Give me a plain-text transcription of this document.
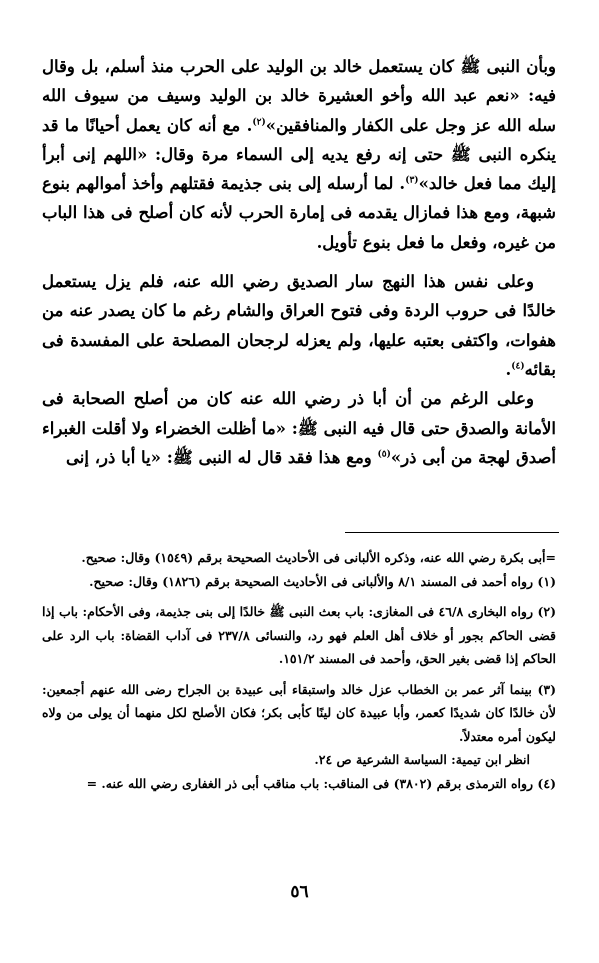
وبأن النبى ﷺ كان يستعمل خالد بن الوليد على الحرب منذ أسلم، بل وقال فيه: «نعم عبد الله وأخو العشيرة خالد بن الوليد وسيف من سيوف الله سله الله عز وجل على الكفار والمنافقين»$^{(٢)}$. مع أنه كان يعمل أحيانًا ما قد ينكره النبى ﷺ حتى إنه رفع يديه إلى السماء مرة وقال: «اللهم إنى أبرأ إليك مما فعل خالد»$^{(٣)}$. لما أرسله إلى بنى جذيمة فقتلهم وأخذ أموالهم بنوع شبهة، ومع هذا فمازال يقدمه فى إمارة الحرب لأنه كان أصلح فى هذا الباب من غيره، وفعل ما فعل بنوع تأويل.

وعلى نفس هذا النهج سار الصديق رضي الله عنه، فلم يزل يستعمل خالدًا فى حروب الردة وفى فتوح العراق والشام رغم ما كان يصدر عنه من هفوات، واكتفى بعتبه عليها، ولم يعزله لرجحان المصلحة على المفسدة فى بقائه$^{(٤)}$.

وعلى الرغم من أن أبا ذر رضي الله عنه كان من أصلح الصحابة فى الأمانة والصدق حتى قال فيه النبى ﷺ: «ما أظلت الخضراء ولا أقلت الغبراء أصدق لهجة من أبى ذر»$^{(٥)}$ ومع هذا فقد قال له النبى ﷺ: «يا أبا ذر، إنى

=أبى بكرة رضي الله عنه، وذكره الألبانى فى الأحاديث الصحيحة برقم (١٥٤٩) وقال: صحيح.

(١) رواه أحمد فى المسند ٨/١ والألبانى فى الأحاديث الصحيحة برقم (١٨٢٦) وقال: صحيح.

(٢) رواه البخارى ٤٦/٨ فى المغازى: باب بعث النبى ﷺ خالدًا إلى بنى جذيمة، وفى الأحكام: باب إذا قضى الحاكم بجور أو خلاف أهل العلم فهو رد، والنسائى ٢٣٧/٨ فى آداب القضاة: باب الرد على الحاكم إذا قضى بغير الحق، وأحمد فى المسند ١٥١/٢.

(٣) بينما آثر عمر بن الخطاب عزل خالد واستبقاء أبى عبيدة بن الجراح رضى الله عنهم أجمعين: لأن خالدًا كان شديدًا كعمر، وأبا عبيدة كان لينًا كأبى بكر؛ فكان الأصلح لكل منهما أن يولى من ولاه ليكون أمره معتدلاً.

انظر ابن تيمية: السياسة الشرعية ص ٢٤.

(٤) رواه الترمذى برقم (٣٨٠٢) فى المناقب: باب مناقب أبى ذر الغفارى رضي الله عنه. =

٥٦
